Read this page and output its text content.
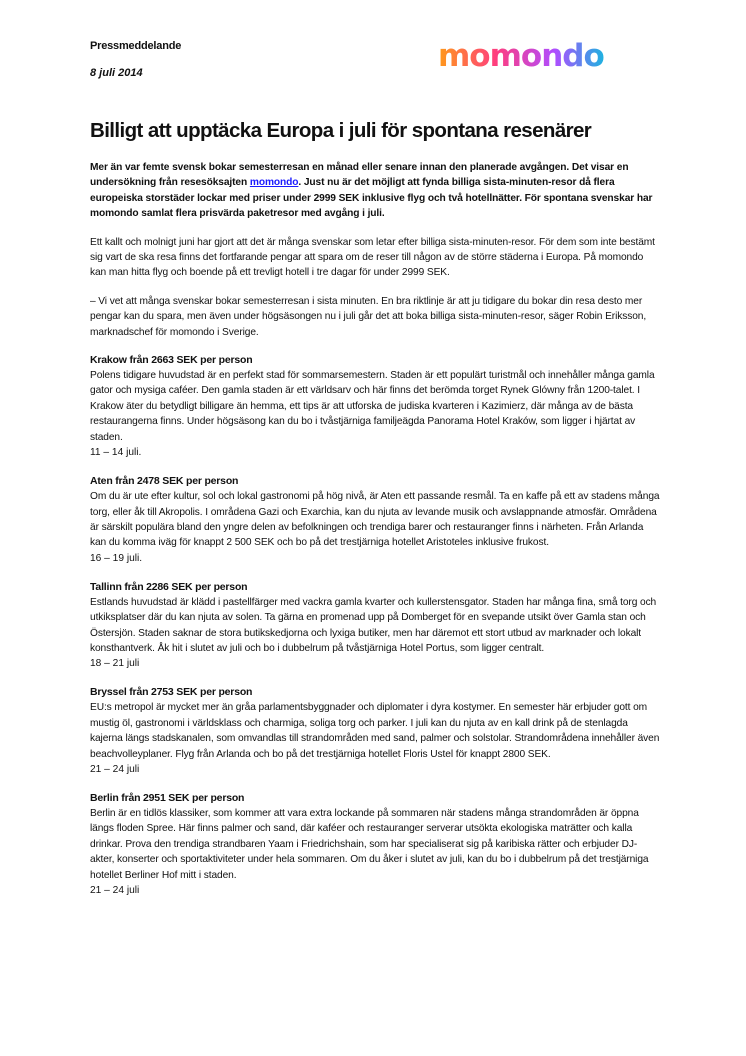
Pressmeddelande
8 juli 2014	momondo
Billigt att upptäcka Europa i juli för spontana resenärer

Mer än var femte svensk bokar semesterresan en månad eller senare innan den planerade avgången. Det visar en undersökning från resesöksajten momondo. Just nu är det möjligt att fynda billiga sista-minuten-resor då flera europeiska storstäder lockar med priser under 2999 SEK inklusive flyg och två hotellnätter. För spontana svenskar har momondo samlat flera prisvärda paketresor med avgång i juli.

Ett kallt och molnigt juni har gjort att det är många svenskar som letar efter billiga sista-minuten-resor. För dem som inte bestämt sig vart de ska resa finns det fortfarande pengar att spara om de reser till någon av de större städerna i Europa. På momondo kan man hitta flyg och boende på ett trevligt hotell i tre dagar för under 2999 SEK.

– Vi vet att många svenskar bokar semesterresan i sista minuten. En bra riktlinje är att ju tidigare du bokar din resa desto mer pengar kan du spara, men även under högsäsongen nu i juli går det att boka billiga sista-minuten-resor, säger Robin Eriksson, marknadschef för momondo i Sverige.

Krakow från 2663 SEK per person

Polens tidigare huvudstad är en perfekt stad för sommarsemestern. Staden är ett populärt turistmål och innehåller många gamla gator och mysiga caféer. Den gamla staden är ett världsarv och här finns det berömda torget Rynek Glówny från 1200-talet. I Krakow äter du betydligt billigare än hemma, ett tips är att utforska de judiska kvarteren i Kazimierz, där många av de bästa restaurangerna finns. Under högsäsong kan du bo i tvåstjärniga familjeägda Panorama Hotel Kraków, som ligger i hjärtat av staden.

11 – 14 juli.
Aten från 2478 SEK per person

Om du är ute efter kultur, sol och lokal gastronomi på hög nivå, är Aten ett passande resmål. Ta en kaffe på ett av stadens många torg, eller åk till Akropolis. I områdena Gazi och Exarchia, kan du njuta av levande musik och avslappnande atmosfär. Områdena är särskilt populära bland den yngre delen av befolkningen och trendiga barer och restauranger finns i närheten. Från Arlanda kan du komma iväg för knappt 2 500 SEK och bo på det trestjärniga hotellet Aristoteles inklusive frukost.

16 – 19 juli.
Tallinn från 2286 SEK per person

Estlands huvudstad är klädd i pastellfärger med vackra gamla kvarter och kullerstensgator. Staden har många fina, små torg och utkiksplatser där du kan njuta av solen. Ta gärna en promenad upp på Domberget för en svepande utsikt över Gamla stan och Östersjön. Staden saknar de stora butikskedjorna och lyxiga butiker, men har däremot ett stort utbud av marknader och lokalt konsthantverk. Åk hit i slutet av juli och bo i dubbelrum på tvåstjärniga Hotel Portus, som ligger centralt.

18 – 21 juli
Bryssel från 2753 SEK per person

EU:s metropol är mycket mer än gråa parlamentsbyggnader och diplomater i dyra kostymer. En semester här erbjuder gott om mustig öl, gastronomi i världsklass och charmiga, soliga torg och parker. I juli kan du njuta av en kall drink på de stenlagda kajerna längs stadskanalen, som omvandlas till strandområden med sand, palmer och solstolar. Strandområdena innehåller även beachvolleyplaner. Flyg från Arlanda och bo på det trestjärniga hotellet Floris Ustel för knappt 2800 SEK.

21 – 24 juli
Berlin från 2951 SEK per person

Berlin är en tidlös klassiker, som kommer att vara extra lockande på sommaren när stadens många strandområden är öppna längs floden Spree. Här finns palmer och sand, där kaféer och restauranger serverar utsökta ekologiska maträtter och kalla drinkar. Prova den trendiga strandbaren Yaam i Friedrichshain, som har specialiserat sig på karibiska rätter och erbjuder DJ-akter, konserter och sportaktiviteter under hela sommaren. Om du åker i slutet av juli, kan du bo i dubbelrum på det trestjärniga hotellet Berliner Hof mitt i staden.

21 – 24 juli
